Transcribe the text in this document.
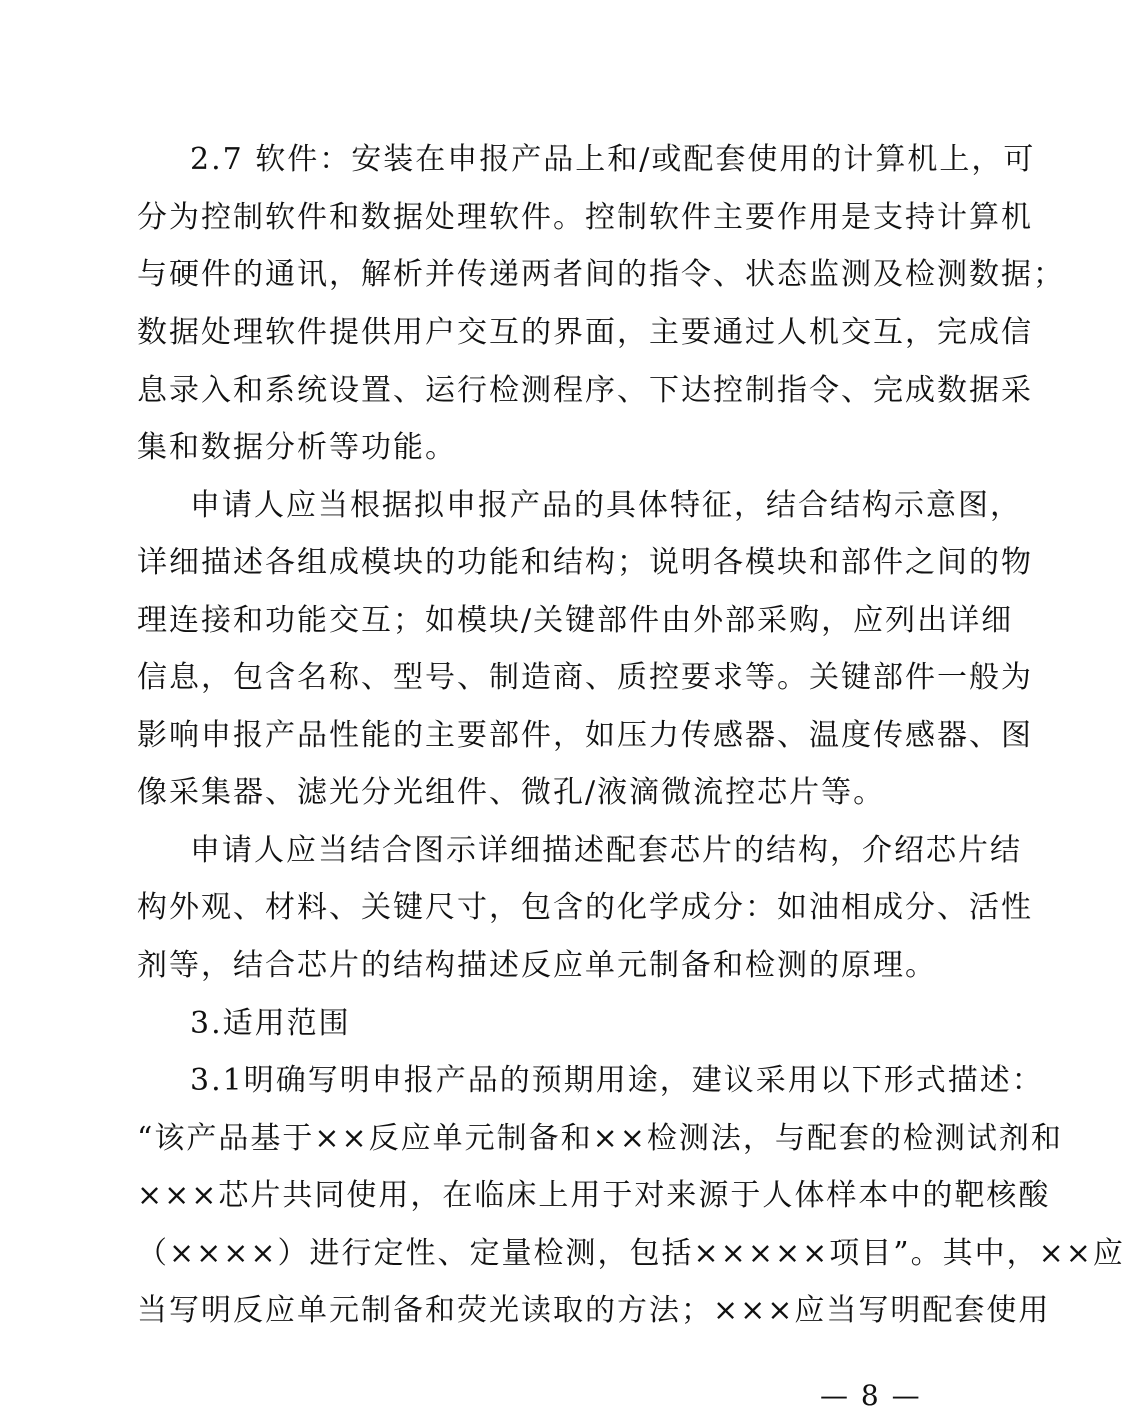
2.7 软件：安装在申报产品上和/或配套使用的计算机上，可
分为控制软件和数据处理软件。控制软件主要作用是支持计算机
与硬件的通讯，解析并传递两者间的指令、状态监测及检测数据；
数据处理软件提供用户交互的界面，主要通过人机交互，完成信
息录入和系统设置、运行检测程序、下达控制指令、完成数据采
集和数据分析等功能。
申请人应当根据拟申报产品的具体特征，结合结构示意图，
详细描述各组成模块的功能和结构；说明各模块和部件之间的物
理连接和功能交互；如模块/关键部件由外部采购，应列出详细
信息，包含名称、型号、制造商、质控要求等。关键部件一般为
影响申报产品性能的主要部件，如压力传感器、温度传感器、图
像采集器、滤光分光组件、微孔/液滴微流控芯片等。
申请人应当结合图示详细描述配套芯片的结构，介绍芯片结
构外观、材料、关键尺寸，包含的化学成分：如油相成分、活性
剂等，结合芯片的结构描述反应单元制备和检测的原理。
3.适用范围
3.1明确写明申报产品的预期用途，建议采用以下形式描述：
“该产品基于××反应单元制备和××检测法，与配套的检测试剂和
×××芯片共同使用，在临床上用于对来源于人体样本中的靶核酸
（××××）进行定性、定量检测，包括×××××项目”。其中，××应
当写明反应单元制备和荧光读取的方法；×××应当写明配套使用
— 8 —
